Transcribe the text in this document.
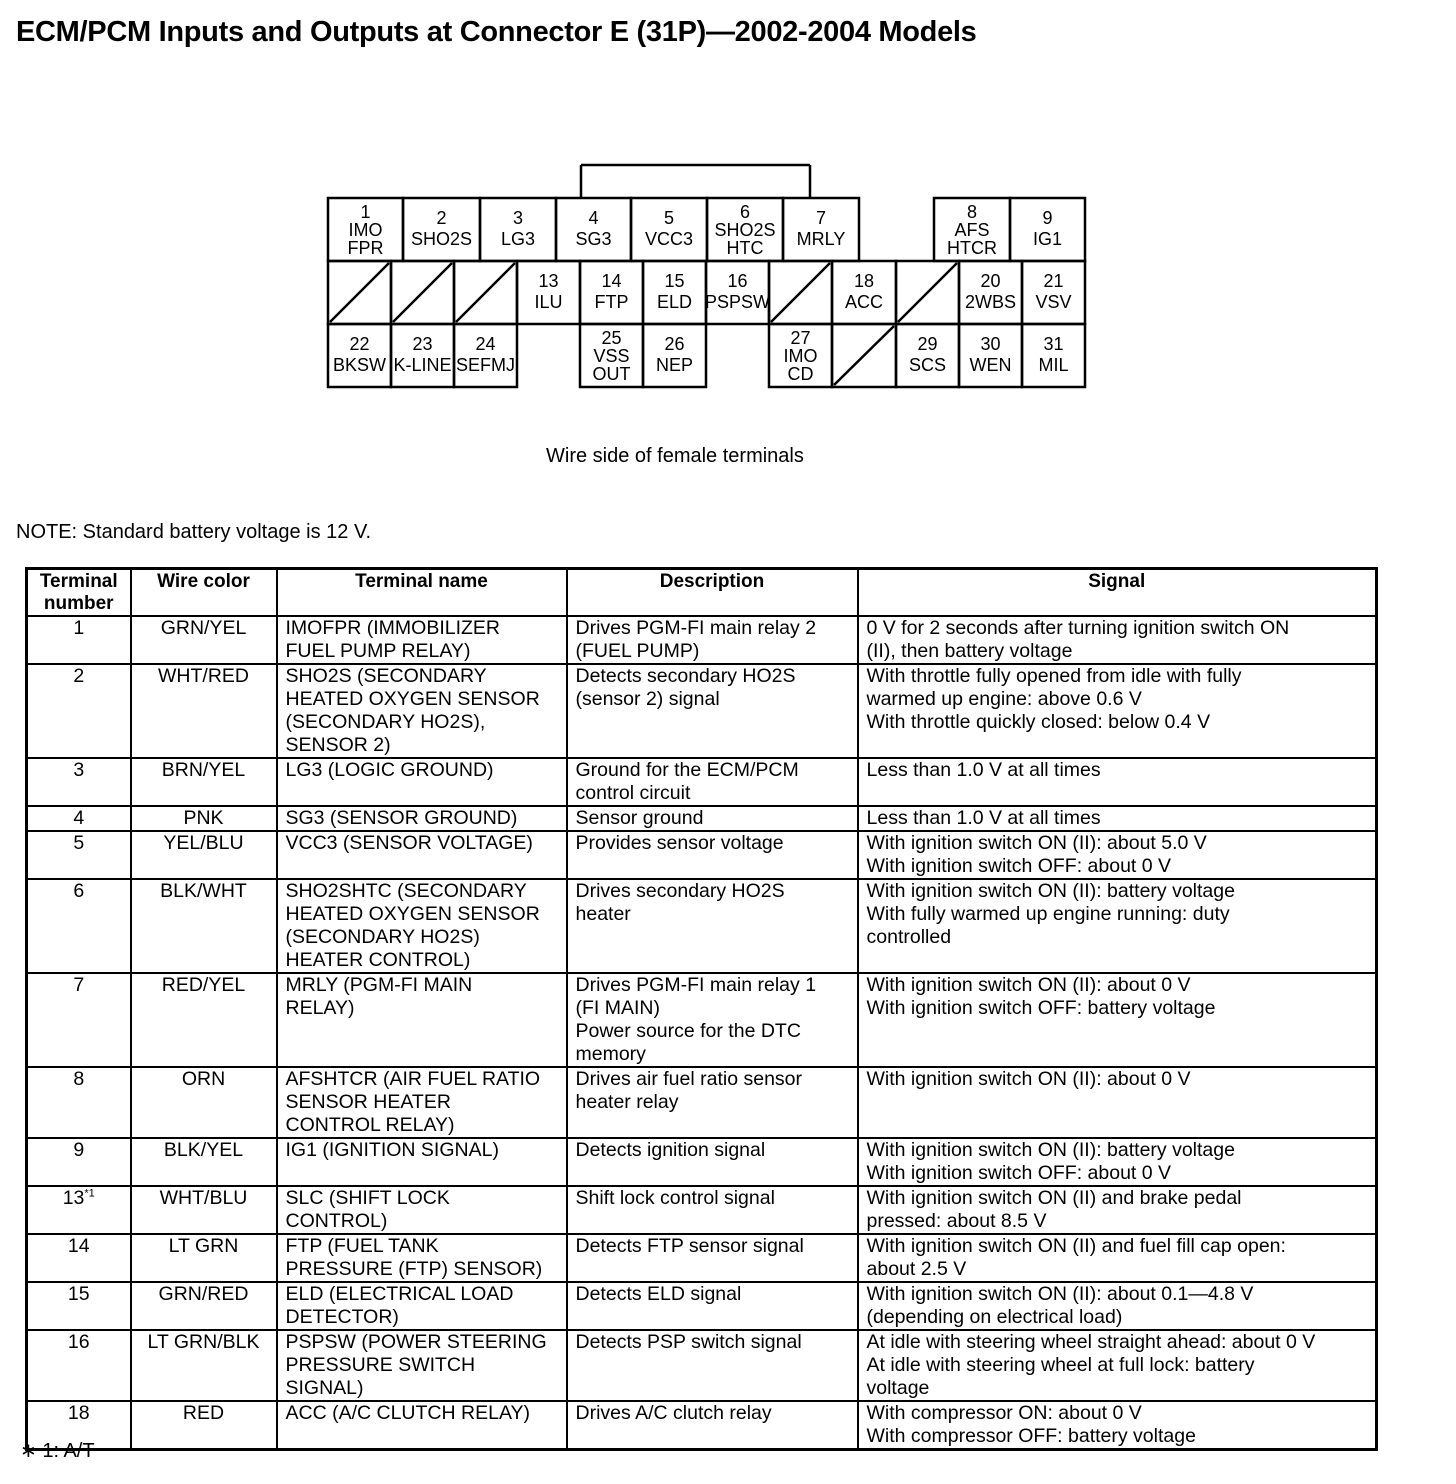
ECM/PCM Inputs and Outputs at Connector E (31P)—2002-2004 Models
1
IMO
FPR
2
SHO2S
3
LG3
4
SG3
5
VCC3
6
SHO2S
HTC
7
MRLY
8
AFS
HTCR
9
IG1
13
ILU
14
FTP
15
ELD
16
PSPSW
18
ACC
20
2WBS
21
VSV
22
BKSW
23
K-LINE
24
SEFMJ
25
VSS
OUT
26
NEP
27
IMO
CD
29
SCS
30
WEN
31
MIL
Wire side of female terminals
NOTE: Standard battery voltage is 12 V.
Terminal
number	Wire color	Terminal name	Description	Signal
1	GRN/YEL	IMOFPR (IMMOBILIZER
FUEL PUMP RELAY)	Drives PGM-FI main relay 2
(FUEL PUMP)	0 V for 2 seconds after turning ignition switch ON
(II), then battery voltage
2	WHT/RED	SHO2S (SECONDARY
HEATED OXYGEN SENSOR
(SECONDARY HO2S),
SENSOR 2)	Detects secondary HO2S
(sensor 2) signal	With throttle fully opened from idle with fully
warmed up engine: above 0.6 V
With throttle quickly closed: below 0.4 V
3	BRN/YEL	LG3 (LOGIC GROUND)	Ground for the ECM/PCM
control circuit	Less than 1.0 V at all times
4	PNK	SG3 (SENSOR GROUND)	Sensor ground	Less than 1.0 V at all times
5	YEL/BLU	VCC3 (SENSOR VOLTAGE)	Provides sensor voltage	With ignition switch ON (II): about 5.0 V
With ignition switch OFF: about 0 V
6	BLK/WHT	SHO2SHTC (SECONDARY
HEATED OXYGEN SENSOR
(SECONDARY HO2S)
HEATER CONTROL)	Drives secondary HO2S
heater	With ignition switch ON (II): battery voltage
With fully warmed up engine running: duty
controlled
7	RED/YEL	MRLY (PGM-FI MAIN
RELAY)	Drives PGM-FI main relay 1
(FI MAIN)
Power source for the DTC
memory	With ignition switch ON (II): about 0 V
With ignition switch OFF: battery voltage
8	ORN	AFSHTCR (AIR FUEL RATIO
SENSOR HEATER
CONTROL RELAY)	Drives air fuel ratio sensor
heater relay	With ignition switch ON (II): about 0 V
9	BLK/YEL	IG1 (IGNITION SIGNAL)	Detects ignition signal	With ignition switch ON (II): battery voltage
With ignition switch OFF: about 0 V
13$^{*1}$	WHT/BLU	SLC (SHIFT LOCK
CONTROL)	Shift lock control signal	With ignition switch ON (II) and brake pedal
pressed: about 8.5 V
14	LT GRN	FTP (FUEL TANK
PRESSURE (FTP) SENSOR)	Detects FTP sensor signal	With ignition switch ON (II) and fuel fill cap open:
about 2.5 V
15	GRN/RED	ELD (ELECTRICAL LOAD
DETECTOR)	Detects ELD signal	With ignition switch ON (II): about 0.1—4.8 V
(depending on electrical load)
16	LT GRN/BLK	PSPSW (POWER STEERING
PRESSURE SWITCH
SIGNAL)	Detects PSP switch signal	At idle with steering wheel straight ahead: about 0 V
At idle with steering wheel at full lock: battery
voltage
18	RED	ACC (A/C CLUTCH RELAY)	Drives A/C clutch relay	With compressor ON: about 0 V
With compressor OFF: battery voltage
∗ 1: A/T
